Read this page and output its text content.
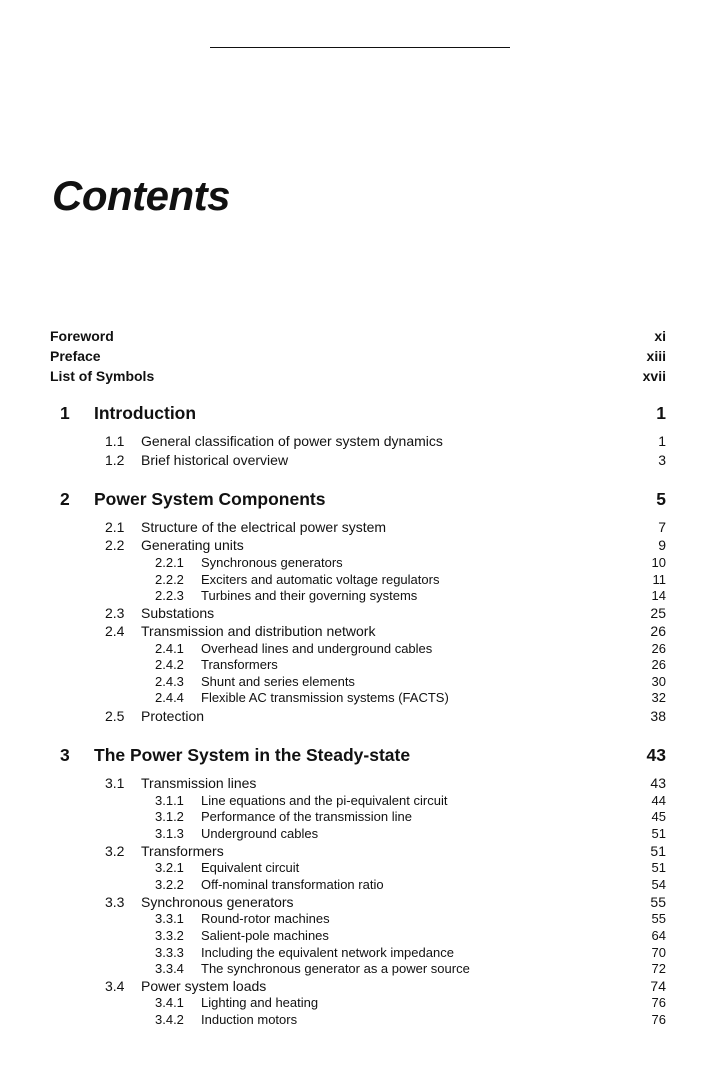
Contents
Foreword	xi
Preface	xiii
List of Symbols	xvii
1 Introduction	1
1.1 General classification of power system dynamics	1
1.2 Brief historical overview	3
2 Power System Components	5
2.1 Structure of the electrical power system	7
2.2 Generating units	9
2.2.1 Synchronous generators	10
2.2.2 Exciters and automatic voltage regulators	11
2.2.3 Turbines and their governing systems	14
2.3 Substations	25
2.4 Transmission and distribution network	26
2.4.1 Overhead lines and underground cables	26
2.4.2 Transformers	26
2.4.3 Shunt and series elements	30
2.4.4 Flexible AC transmission systems (FACTS)	32
2.5 Protection	38
3 The Power System in the Steady-state	43
3.1 Transmission lines	43
3.1.1 Line equations and the pi-equivalent circuit	44
3.1.2 Performance of the transmission line	45
3.1.3 Underground cables	51
3.2 Transformers	51
3.2.1 Equivalent circuit	51
3.2.2 Off-nominal transformation ratio	54
3.3 Synchronous generators	55
3.3.1 Round-rotor machines	55
3.3.2 Salient-pole machines	64
3.3.3 Including the equivalent network impedance	70
3.3.4 The synchronous generator as a power source	72
3.4 Power system loads	74
3.4.1 Lighting and heating	76
3.4.2 Induction motors	76
